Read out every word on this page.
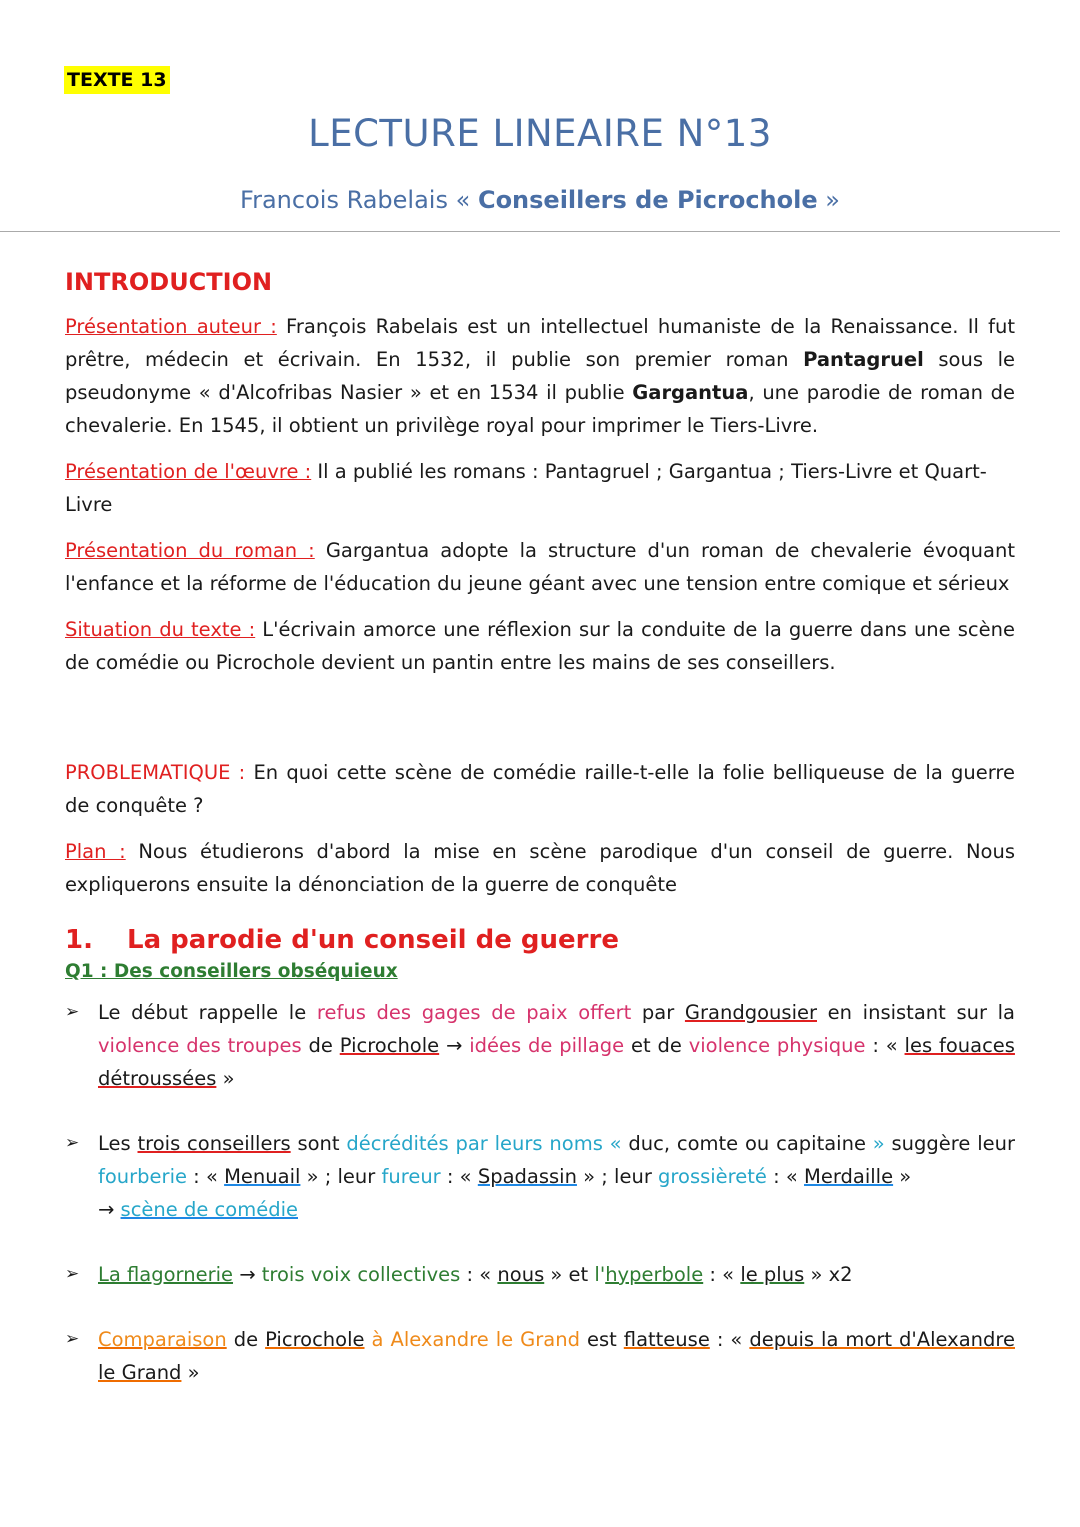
TEXTE 13
LECTURE LINEAIRE N°13
Francois Rabelais « Conseillers de Picrochole »
INTRODUCTION

Présentation auteur : François Rabelais est un intellectuel humaniste de la Renaissance. Il fut prêtre, médecin et écrivain. En 1532, il publie son premier roman Pantagruel sous le pseudonyme « d'Alcofribas Nasier » et en 1534 il publie Gargantua, une parodie de roman de chevalerie. En 1545, il obtient un privilège royal pour imprimer le Tiers-Livre.

Présentation de l'œuvre : Il a publié les romans : Pantagruel ; Gargantua ; Tiers-Livre et Quart-Livre

Présentation du roman : Gargantua adopte la structure d'un roman de chevalerie évoquant l'enfance et la réforme de l'éducation du jeune géant avec une tension entre comique et sérieux

Situation du texte : L'écrivain amorce une réflexion sur la conduite de la guerre dans une scène de comédie ou Picrochole devient un pantin entre les mains de ses conseillers.

PROBLEMATIQUE : En quoi cette scène de comédie raille-t-elle la folie belliqueuse de la guerre de conquête ?

Plan : Nous étudierons d'abord la mise en scène parodique d'un conseil de guerre. Nous expliquerons ensuite la dénonciation de la guerre de conquête

1. La parodie d'un conseil de guerre
Q1 : Des conseillers obséquieux
➢ Le début rappelle le refus des gages de paix offert par Grandgousier en insistant sur la violence des troupes de Picrochole → idées de pillage et de violence physique : « les fouaces détroussées »
➢ Les trois conseillers sont décrédités par leurs noms « duc, comte ou capitaine » suggère leur fourberie : « Menuail » ; leur fureur : « Spadassin » ; leur grossièreté : « Merdaille »
→ scène de comédie
➢ La flagornerie → trois voix collectives : « nous » et l'hyperbole : « le plus » x2
➢ Comparaison de Picrochole à Alexandre le Grand est flatteuse : « depuis la mort d'Alexandre le Grand »
